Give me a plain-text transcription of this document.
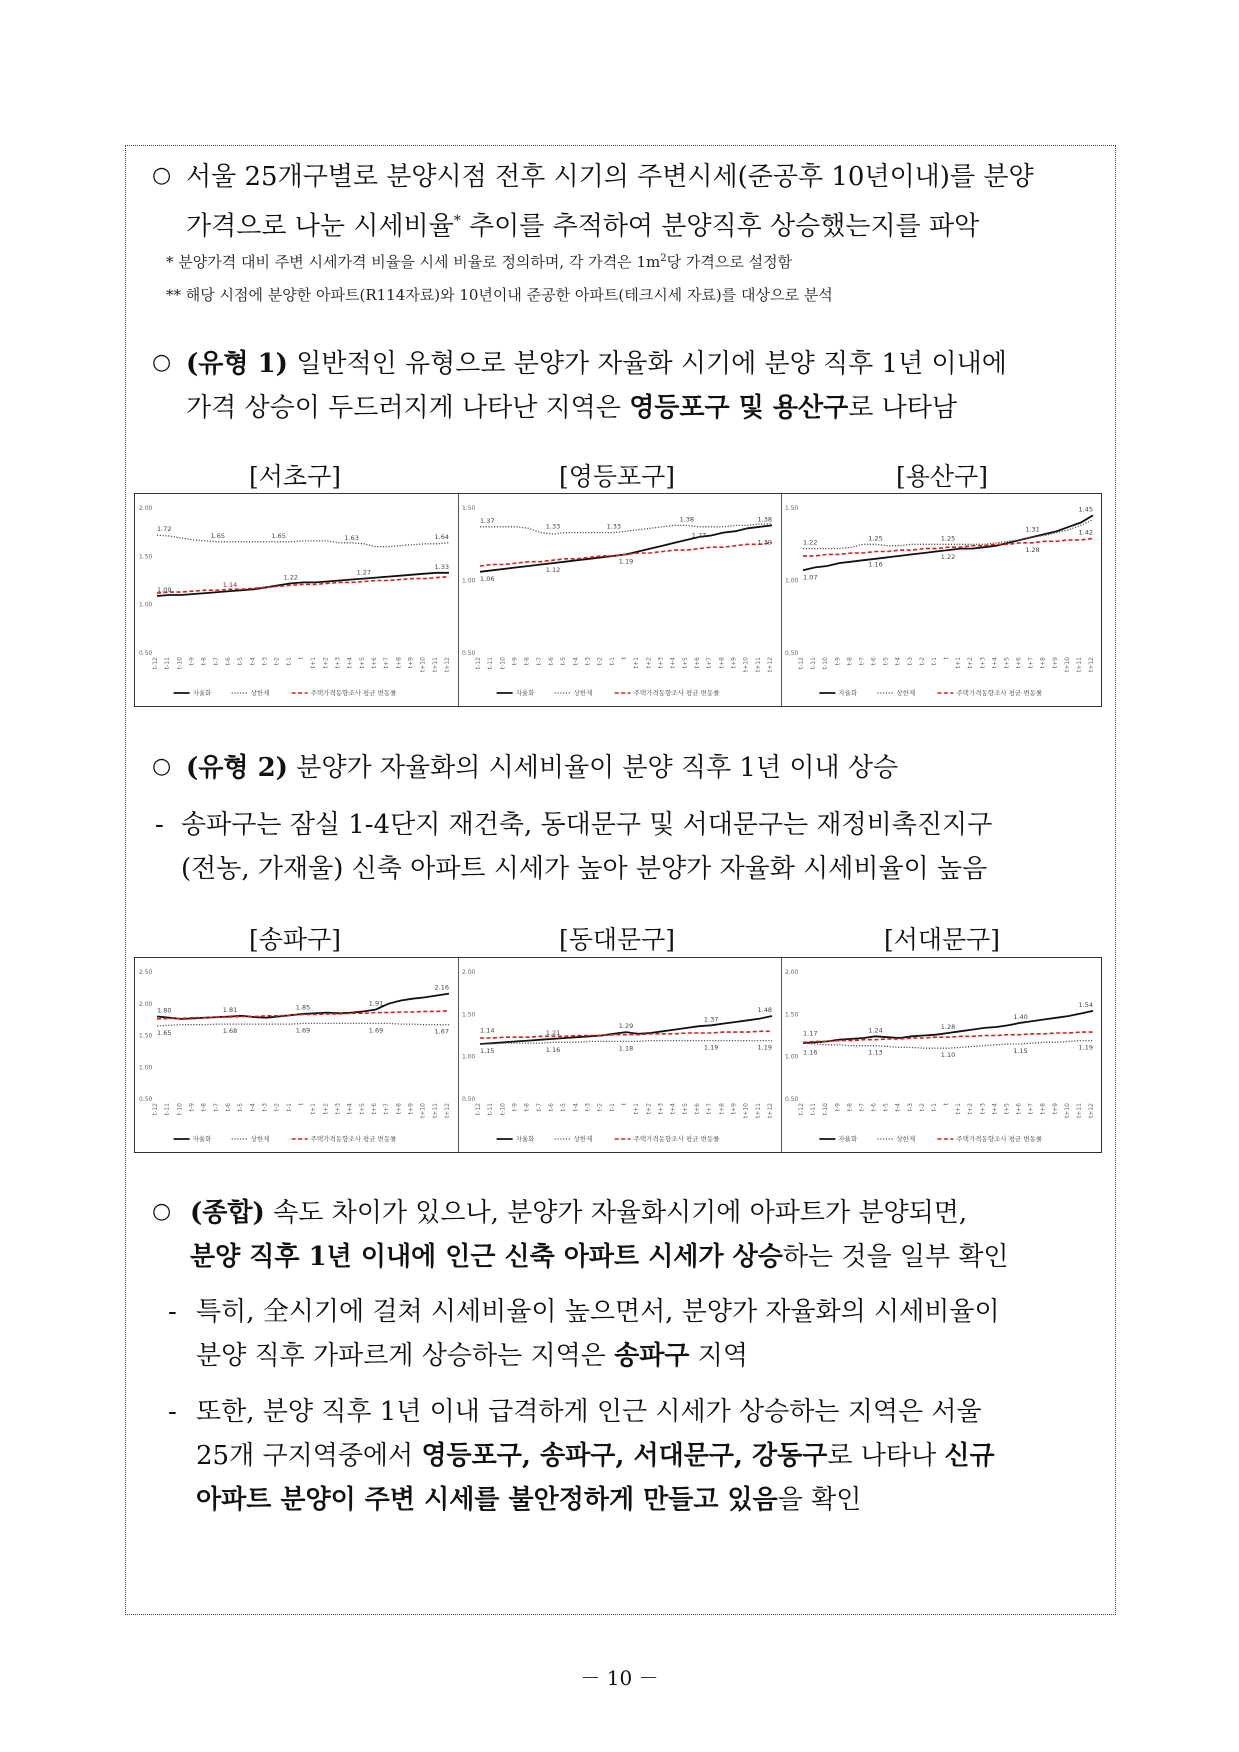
○ 서울 25개구별로 분양시점 전후 시기의 주변시세(준공후 10년이내)를 분양
가격으로 나눈 시세비율* 추이를 추적하여 분양직후 상승했는지를 파악
* 분양가격 대비 주변 시세가격 비율을 시세 비율로 정의하며, 각 가격은 $1m^2$당 가격으로 설정함
** 해당 시점에 분양한 아파트(R114자료)와 10년이내 준공한 아파트(테크시세 자료)를 대상으로 분석
○ (유형 1) 일반적인 유형으로 분양가 자율화 시기에 분양 직후 1년 이내에
가격 상승이 두드러지게 나타난 지역은 영등포구 및 용산구로 나타남
[서초구]	[영등포구]	[용산구]
2.00
1.50
1.00
0.50
t-12 t-11 t-10 t-9 t-8 t-7 t-6 t-5 t-4 t-3 t-2 t-1 t t+1 t+2 t+3 t+4 t+5 t+6 t+7 t+8 t+9 t+10 t+11 t+12
1.72
1.65	1.65	1.63	1.64
1.09
1.14
1.22
1.27
1.33
자율화	상한제	주택가격동향조사 평균 변동률
1.50
1.00
0.50
t-12 t-11 t-10 t-9 t-8 t-7 t-6 t-5 t-4 t-3 t-2 t-1 t t+1 t+2 t+3 t+4 t+5 t+6 t+7 t+8 t+9 t+10 t+11 t+12
1.37
1.33	1.33
1.38	1.38
1.39
1.06
1.12
1.19
1.27
자율화	상한제	주택가격동향조사 평균 변동률
1.50
1.00
0.50
t-12 t-11 t-10 t-9 t-8 t-7 t-6 t-5 t-4 t-3 t-2 t-1 t t+1 t+2 t+3 t+4 t+5 t+6 t+7 t+8 t+9 t+10 t+11 t+12
1.22
1.25	1.25
1.31
1.45
1.42
1.07
1.16
1.22
1.28
자율화	상한제	주택가격동향조사 평균 변동률
○ (유형 2) 분양가 자율화의 시세비율이 분양 직후 1년 이내 상승
- 송파구는 잠실 1-4단지 재건축, 동대문구 및 서대문구는 재정비촉진지구
(전농, 가재울) 신축 아파트 시세가 높아 분양가 자율화 시세비율이 높음
[송파구]	[동대문구]	[서대문구]
2.50
2.00
1.50
1.00
0.50
t-12 t-11 t-10 t-9 t-8 t-7 t-6 t-5 t-4 t-3 t-2 t-1 t t+1 t+2 t+3 t+4 t+5 t+6 t+7 t+8 t+9 t+10 t+11 t+12
1.80	1.81	1.85	1.91
2.16
1.65	1.68	1.69	1.69	1.67
자율화	상한제	주택가격동향조사 평균 변동률
2.00
1.50
1.00
0.50
t-12 t-11 t-10 t-9 t-8 t-7 t-6 t-5 t-4 t-3 t-2 t-1 t t+1 t+2 t+3 t+4 t+5 t+6 t+7 t+8 t+9 t+10 t+11 t+12
1.14	1.21
1.29
1.37
1.48
1.15	1.16	1.18	1.19	1.19
자율화	상한제	주택가격동향조사 평균 변동률
2.00
1.50
1.00
0.50
t-12 t-11 t-10 t-9 t-8 t-7 t-6 t-5 t-4 t-3 t-2 t-1 t t+1 t+2 t+3 t+4 t+5 t+6 t+7 t+8 t+9 t+10 t+11 t+12
1.17	1.24	1.28
1.40
1.54
1.16	1.13	1.10
1.15	1.19
자율화	상한제	주택가격동향조사 평균 변동률
○ (종합) 속도 차이가 있으나, 분양가 자율화시기에 아파트가 분양되면,
분양 직후 1년 이내에 인근 신축 아파트 시세가 상승하는 것을 일부 확인
- 특히, 全시기에 걸쳐 시세비율이 높으면서, 분양가 자율화의 시세비율이
분양 직후 가파르게 상승하는 지역은 송파구 지역
- 또한, 분양 직후 1년 이내 급격하게 인근 시세가 상승하는 지역은 서울
25개 구지역중에서 영등포구, 송파구, 서대문구, 강동구로 나타나 신규
아파트 분양이 주변 시세를 불안정하게 만들고 있음을 확인
－ 10 －
